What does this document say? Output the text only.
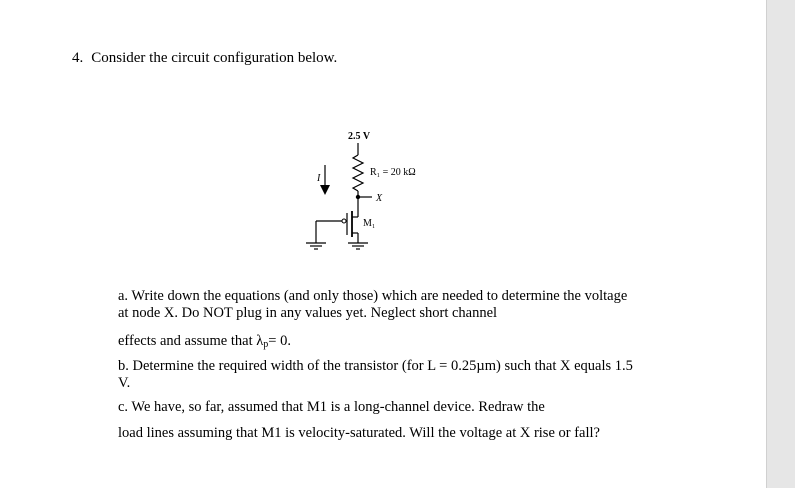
4. Consider the circuit configuration below.
2.5 V
R₁ = 20 kΩ
X
I
M₁

a. Write down the equations (and only those) which are needed to determine the voltage at node X. Do NOT plug in any values yet. Neglect short channel

effects and assume that $\lambda_p= 0$.

b. Determine the required width of the transistor (for L = 0.25µm) such that X equals 1.5 V.

c. We have, so far, assumed that M1 is a long-channel device. Redraw the

load lines assuming that M1 is velocity-saturated. Will the voltage at X rise or fall?
